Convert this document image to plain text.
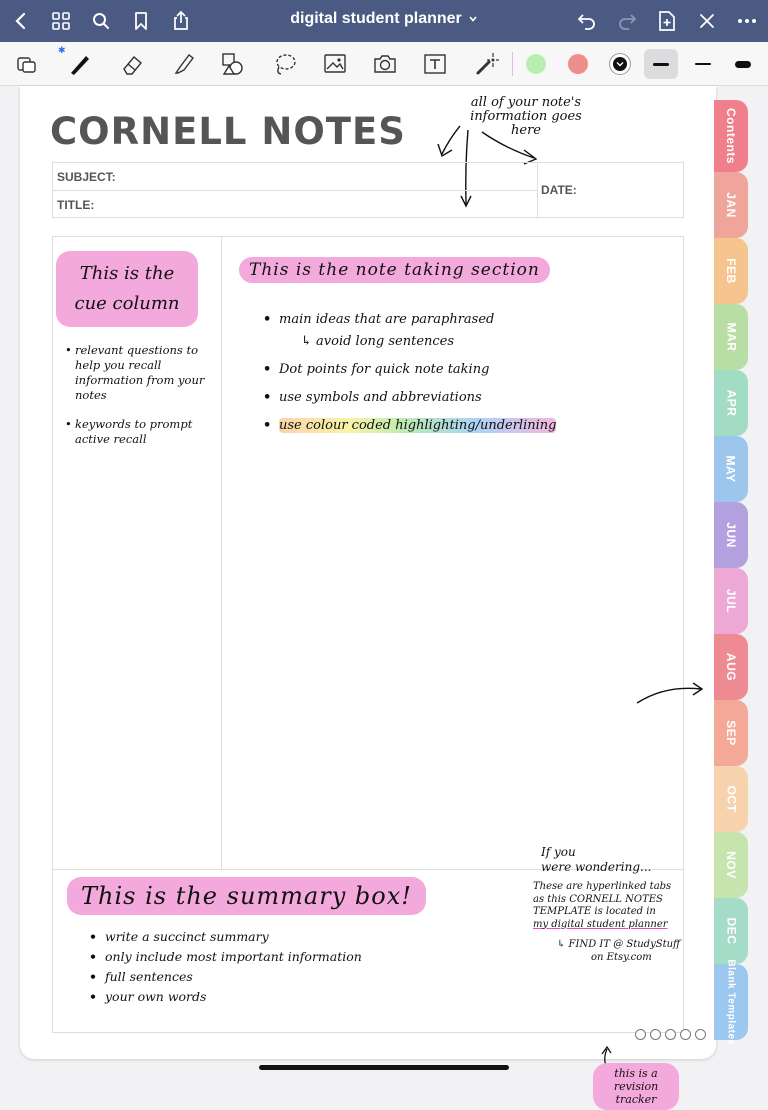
digital student planner
✱
CORNELL NOTES
all of your note's
information goes
here
SUBJECT:
TITLE:
DATE:
This is the cue column
• relevant questions to help you recall information from your notes
• keywords to prompt active recall
This is the note taking section
• main ideas that are paraphrased
↳ avoid long sentences
• Dot points for quick note taking
• use symbols and abbreviations
• use colour coded highlighting/underlining
If you
were wondering...
These are hyperlinked tabs
as this CORNELL NOTES
TEMPLATE is located in
my digital student planner
↳ FIND IT @ StudyStuff
on Etsy.com
This is the summary box!
• write a succinct summary
• only include most important information
• full sentences
• your own words
this is a revision tracker
Contents
JAN
FEB
MAR
APR
MAY
JUN
JUL
AUG
SEP
OCT
NOV
DEC
Blank Templates
